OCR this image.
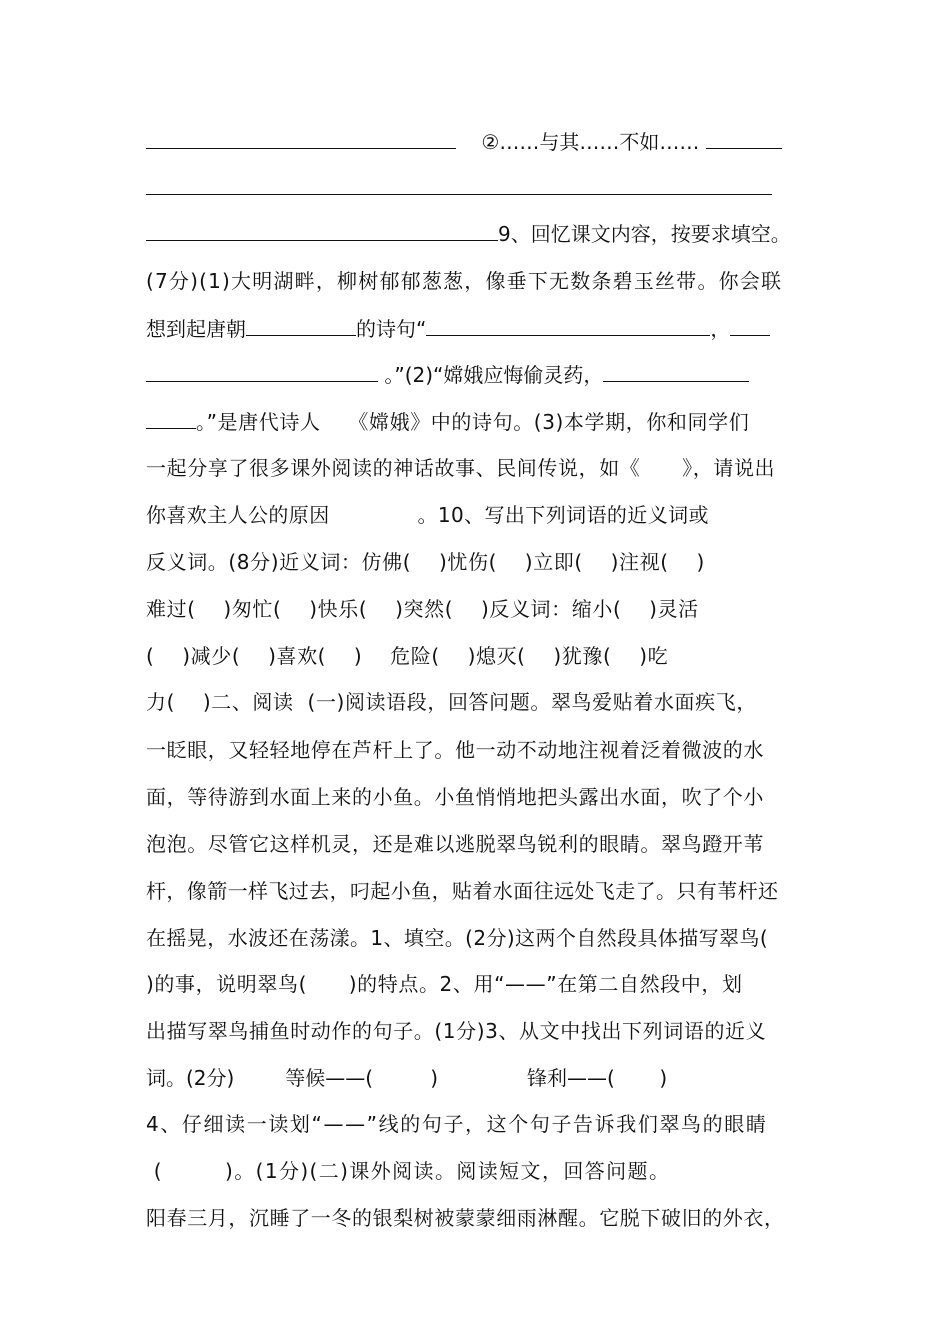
②……与其……不如……
9、回忆课文内容，按要求填空。
(7分)(1)大明湖畔，柳树郁郁葱葱，像垂下无数条碧玉丝带。你会联
想到起唐朝	的诗句“	，
。”(2)“嫦娥应悔偷灵药，
。”是唐代诗人    《嫦娥》中的诗句。(3)本学期，你和同学们
一起分享了很多课外阅读的神话故事、民间传说，如《      》，请说出
你喜欢主人公的原因             。10、写出下列词语的近义词或
反义词。(8分)近义词：仿佛(    )忧伤(    )立即(    )注视(    )
难过(    )匆忙(    )快乐(    )突然(    )反义词：缩小(    )灵活
(    )减少(    )喜欢(    )    危险(    )熄灭(    )犹豫(    )吃
力(    )二、阅读  (一)阅读语段，回答问题。翠鸟爱贴着水面疾飞，
一眨眼，又轻轻地停在芦杆上了。他一动不动地注视着泛着微波的水
面，等待游到水面上来的小鱼。小鱼悄悄地把头露出水面，吹了个小
泡泡。尽管它这样机灵，还是难以逃脱翠鸟锐利的眼睛。翠鸟蹬开苇
杆，像箭一样飞过去，叼起小鱼，贴着水面往远处飞走了。只有苇杆还
在摇晃，水波还在荡漾。1、填空。(2分)这两个自然段具体描写翠鸟(
)的事，说明翠鸟(      )的特点。2、用“——”在第二自然段中，划
出描写翠鸟捕鱼时动作的句子。(1分)3、从文中找出下列词语的近义
词。(2分)        等候——(         )              锋利——(       )
4、仔细读一读划“——”线的句子，这个句子告诉我们翠鸟的眼睛
(        )。(1分)(二)课外阅读。阅读短文，回答问题。
阳春三月，沉睡了一冬的银梨树被蒙蒙细雨淋醒。它脱下破旧的外衣，
